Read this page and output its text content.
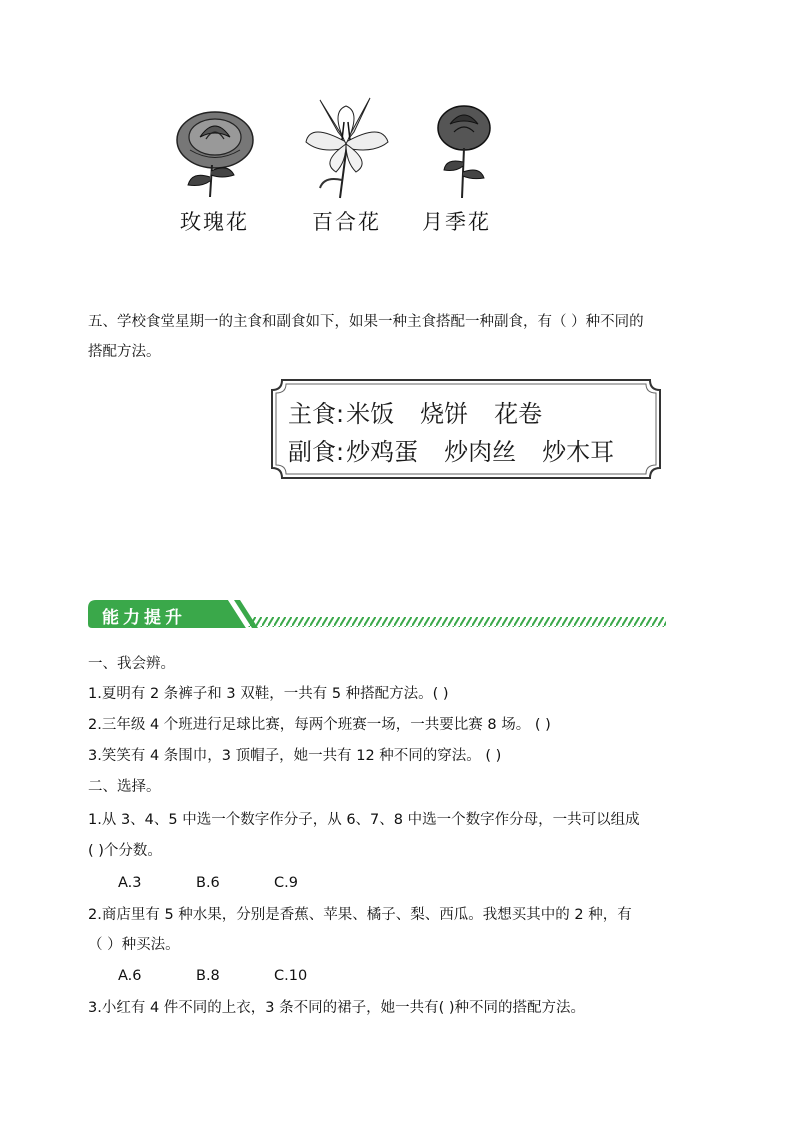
玫瑰花	百合花 月季花
五、学校食堂星期一的主食和副食如下，如果一种主食搭配一种副食，有（ ）种不同的
搭配方法。
主食:米饭 烧饼 花卷
副食:炒鸡蛋 炒肉丝 炒木耳
能力提升
一、我会辨。
1.夏明有 2 条裤子和 3 双鞋，一共有 5 种搭配方法。( )
2.三年级 4 个班进行足球比赛，每两个班赛一场，一共要比赛 8 场。 ( )
3.笑笑有 4 条围巾，3 顶帽子，她一共有 12 种不同的穿法。 ( )
二、选择。
1.从 3、4、5 中选一个数字作分子，从 6、7、8 中选一个数字作分母，一共可以组成
( )个分数。
A.3	B.6	C.9
2.商店里有 5 种水果，分别是香蕉、苹果、橘子、梨、西瓜。我想买其中的 2 种，有
（ ）种买法。
A.6	B.8	C.10
3.小红有 4 件不同的上衣，3 条不同的裙子，她一共有( )种不同的搭配方法。
